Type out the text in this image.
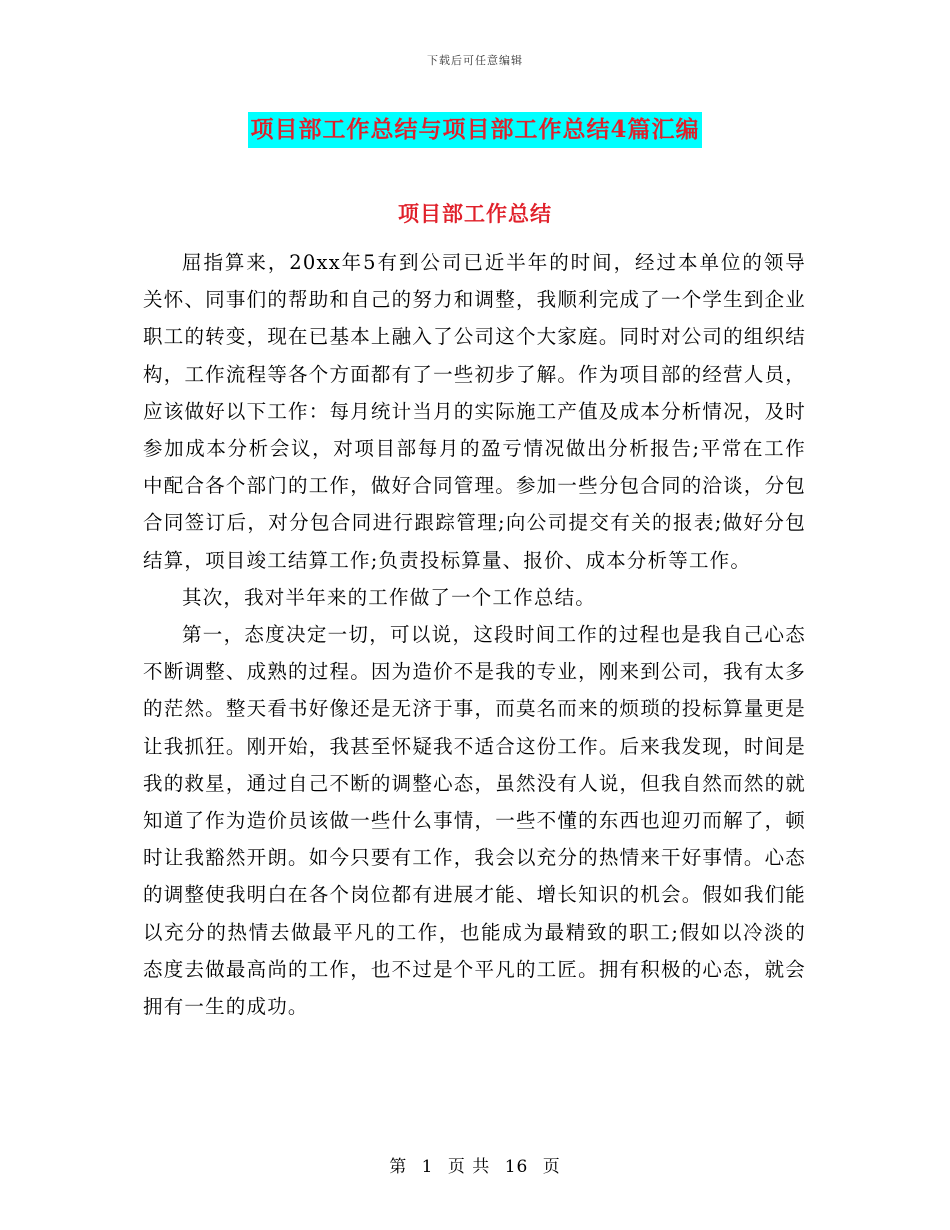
下载后可任意编辑
项目部工作总结与项目部工作总结4篇汇编
项目部工作总结

屈指算来，20xx年5有到公司已近半年的时间，经过本单位的领导关怀、同事们的帮助和自己的努力和调整，我顺利完成了一个学生到企业职工的转变，现在已基本上融入了公司这个大家庭。同时对公司的组织结构，工作流程等各个方面都有了一些初步了解。作为项目部的经营人员，应该做好以下工作：每月统计当月的实际施工产值及成本分析情况，及时参加成本分析会议，对项目部每月的盈亏情况做出分析报告;平常在工作中配合各个部门的工作，做好合同管理。参加一些分包合同的洽谈，分包合同签订后，对分包合同进行跟踪管理;向公司提交有关的报表;做好分包结算，项目竣工结算工作;负责投标算量、报价、成本分析等工作。

其次，我对半年来的工作做了一个工作总结。

第一，态度决定一切，可以说，这段时间工作的过程也是我自己心态不断调整、成熟的过程。因为造价不是我的专业，刚来到公司，我有太多的茫然。整天看书好像还是无济于事，而莫名而来的烦琐的投标算量更是让我抓狂。刚开始，我甚至怀疑我不适合这份工作。后来我发现，时间是我的救星，通过自己不断的调整心态，虽然没有人说，但我自然而然的就知道了作为造价员该做一些什么事情，一些不懂的东西也迎刃而解了，顿时让我豁然开朗。如今只要有工作，我会以充分的热情来干好事情。心态的调整使我明白在各个岗位都有进展才能、增长知识的机会。假如我们能以充分的热情去做最平凡的工作，也能成为最精致的职工;假如以冷淡的态度去做最高尚的工作，也不过是个平凡的工匠。拥有积极的心态，就会拥有一生的成功。

第 1 页 共 16 页
